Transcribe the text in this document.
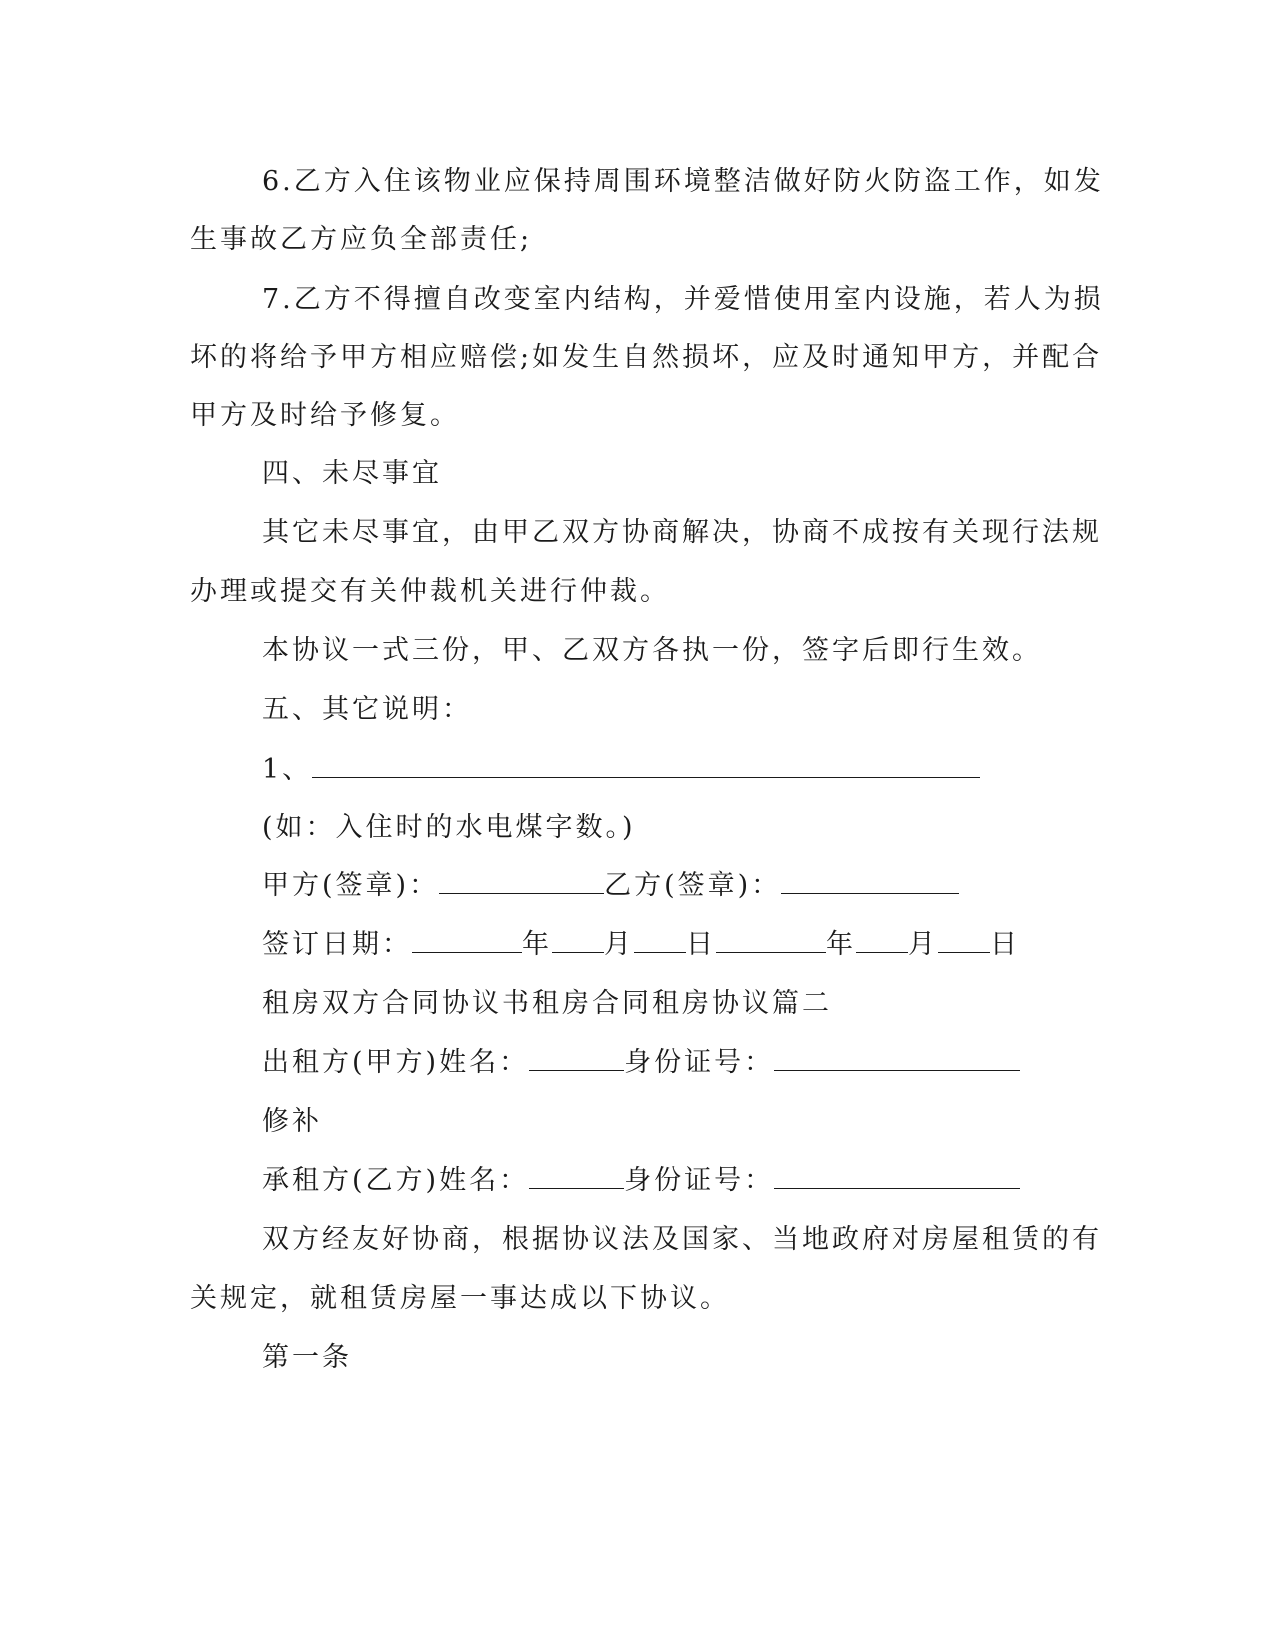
6.乙方入住该物业应保持周围环境整洁做好防火防盗工作，如发
生事故乙方应负全部责任;
7.乙方不得擅自改变室内结构，并爱惜使用室内设施，若人为损
坏的将给予甲方相应赔偿;如发生自然损坏，应及时通知甲方，并配合
甲方及时给予修复。
四、未尽事宜
其它未尽事宜，由甲乙双方协商解决，协商不成按有关现行法规
办理或提交有关仲裁机关进行仲裁。
本协议一式三份，甲、乙双方各执一份，签字后即行生效。
五、其它说明：
1、
(如：入住时的水电煤字数。)
甲方(签章)：	乙方(签章)：
签订日期：	年 月 日	年 月 日
租房双方合同协议书租房合同租房协议篇二
出租方(甲方)姓名：	身份证号：
修补
承租方(乙方)姓名：	身份证号：
双方经友好协商，根据协议法及国家、当地政府对房屋租赁的有
关规定，就租赁房屋一事达成以下协议。
第一条
